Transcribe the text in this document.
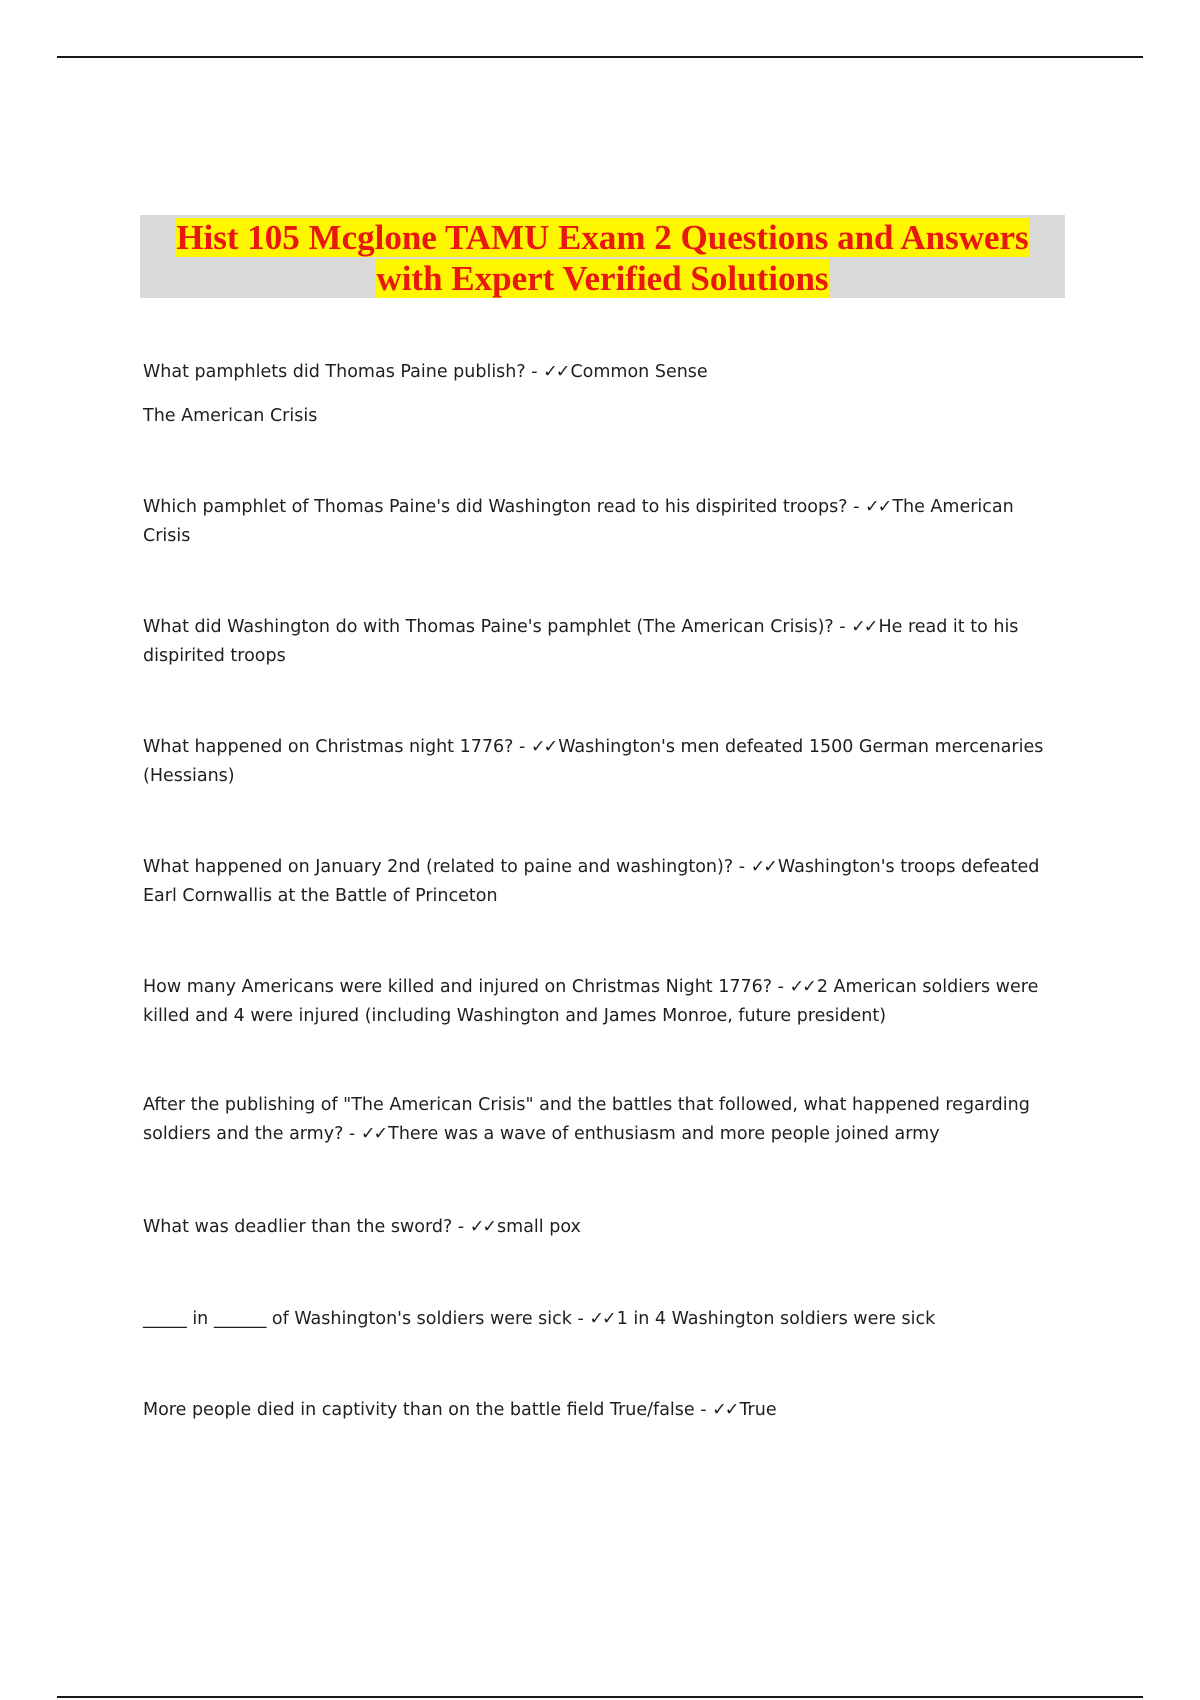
Hist 105 Mcglone TAMU Exam 2 Questions and Answers
with Expert Verified Solutions
What pamphlets did Thomas Paine publish? - ✓✓ Common Sense
The American Crisis
Which pamphlet of Thomas Paine's did Washington read to his dispirited troops? - ✓✓ The American Crisis
What did Washington do with Thomas Paine's pamphlet (The American Crisis)? - ✓✓ He read it to his dispirited troops
What happened on Christmas night 1776? - ✓✓ Washington's men defeated 1500 German mercenaries (Hessians)
What happened on January 2nd (related to paine and washington)? - ✓✓ Washington's troops defeated Earl Cornwallis at the Battle of Princeton
How many Americans were killed and injured on Christmas Night 1776? - ✓✓ 2 American soldiers were killed and 4 were injured (including Washington and James Monroe, future president)
After the publishing of "The American Crisis" and the battles that followed, what happened regarding soldiers and the army? - ✓✓ There was a wave of enthusiasm and more people joined army
What was deadlier than the sword? - ✓✓ small pox
_____ in ______ of Washington's soldiers were sick - ✓✓ 1 in 4 Washington soldiers were sick
More people died in captivity than on the battle field True/false - ✓✓ True
